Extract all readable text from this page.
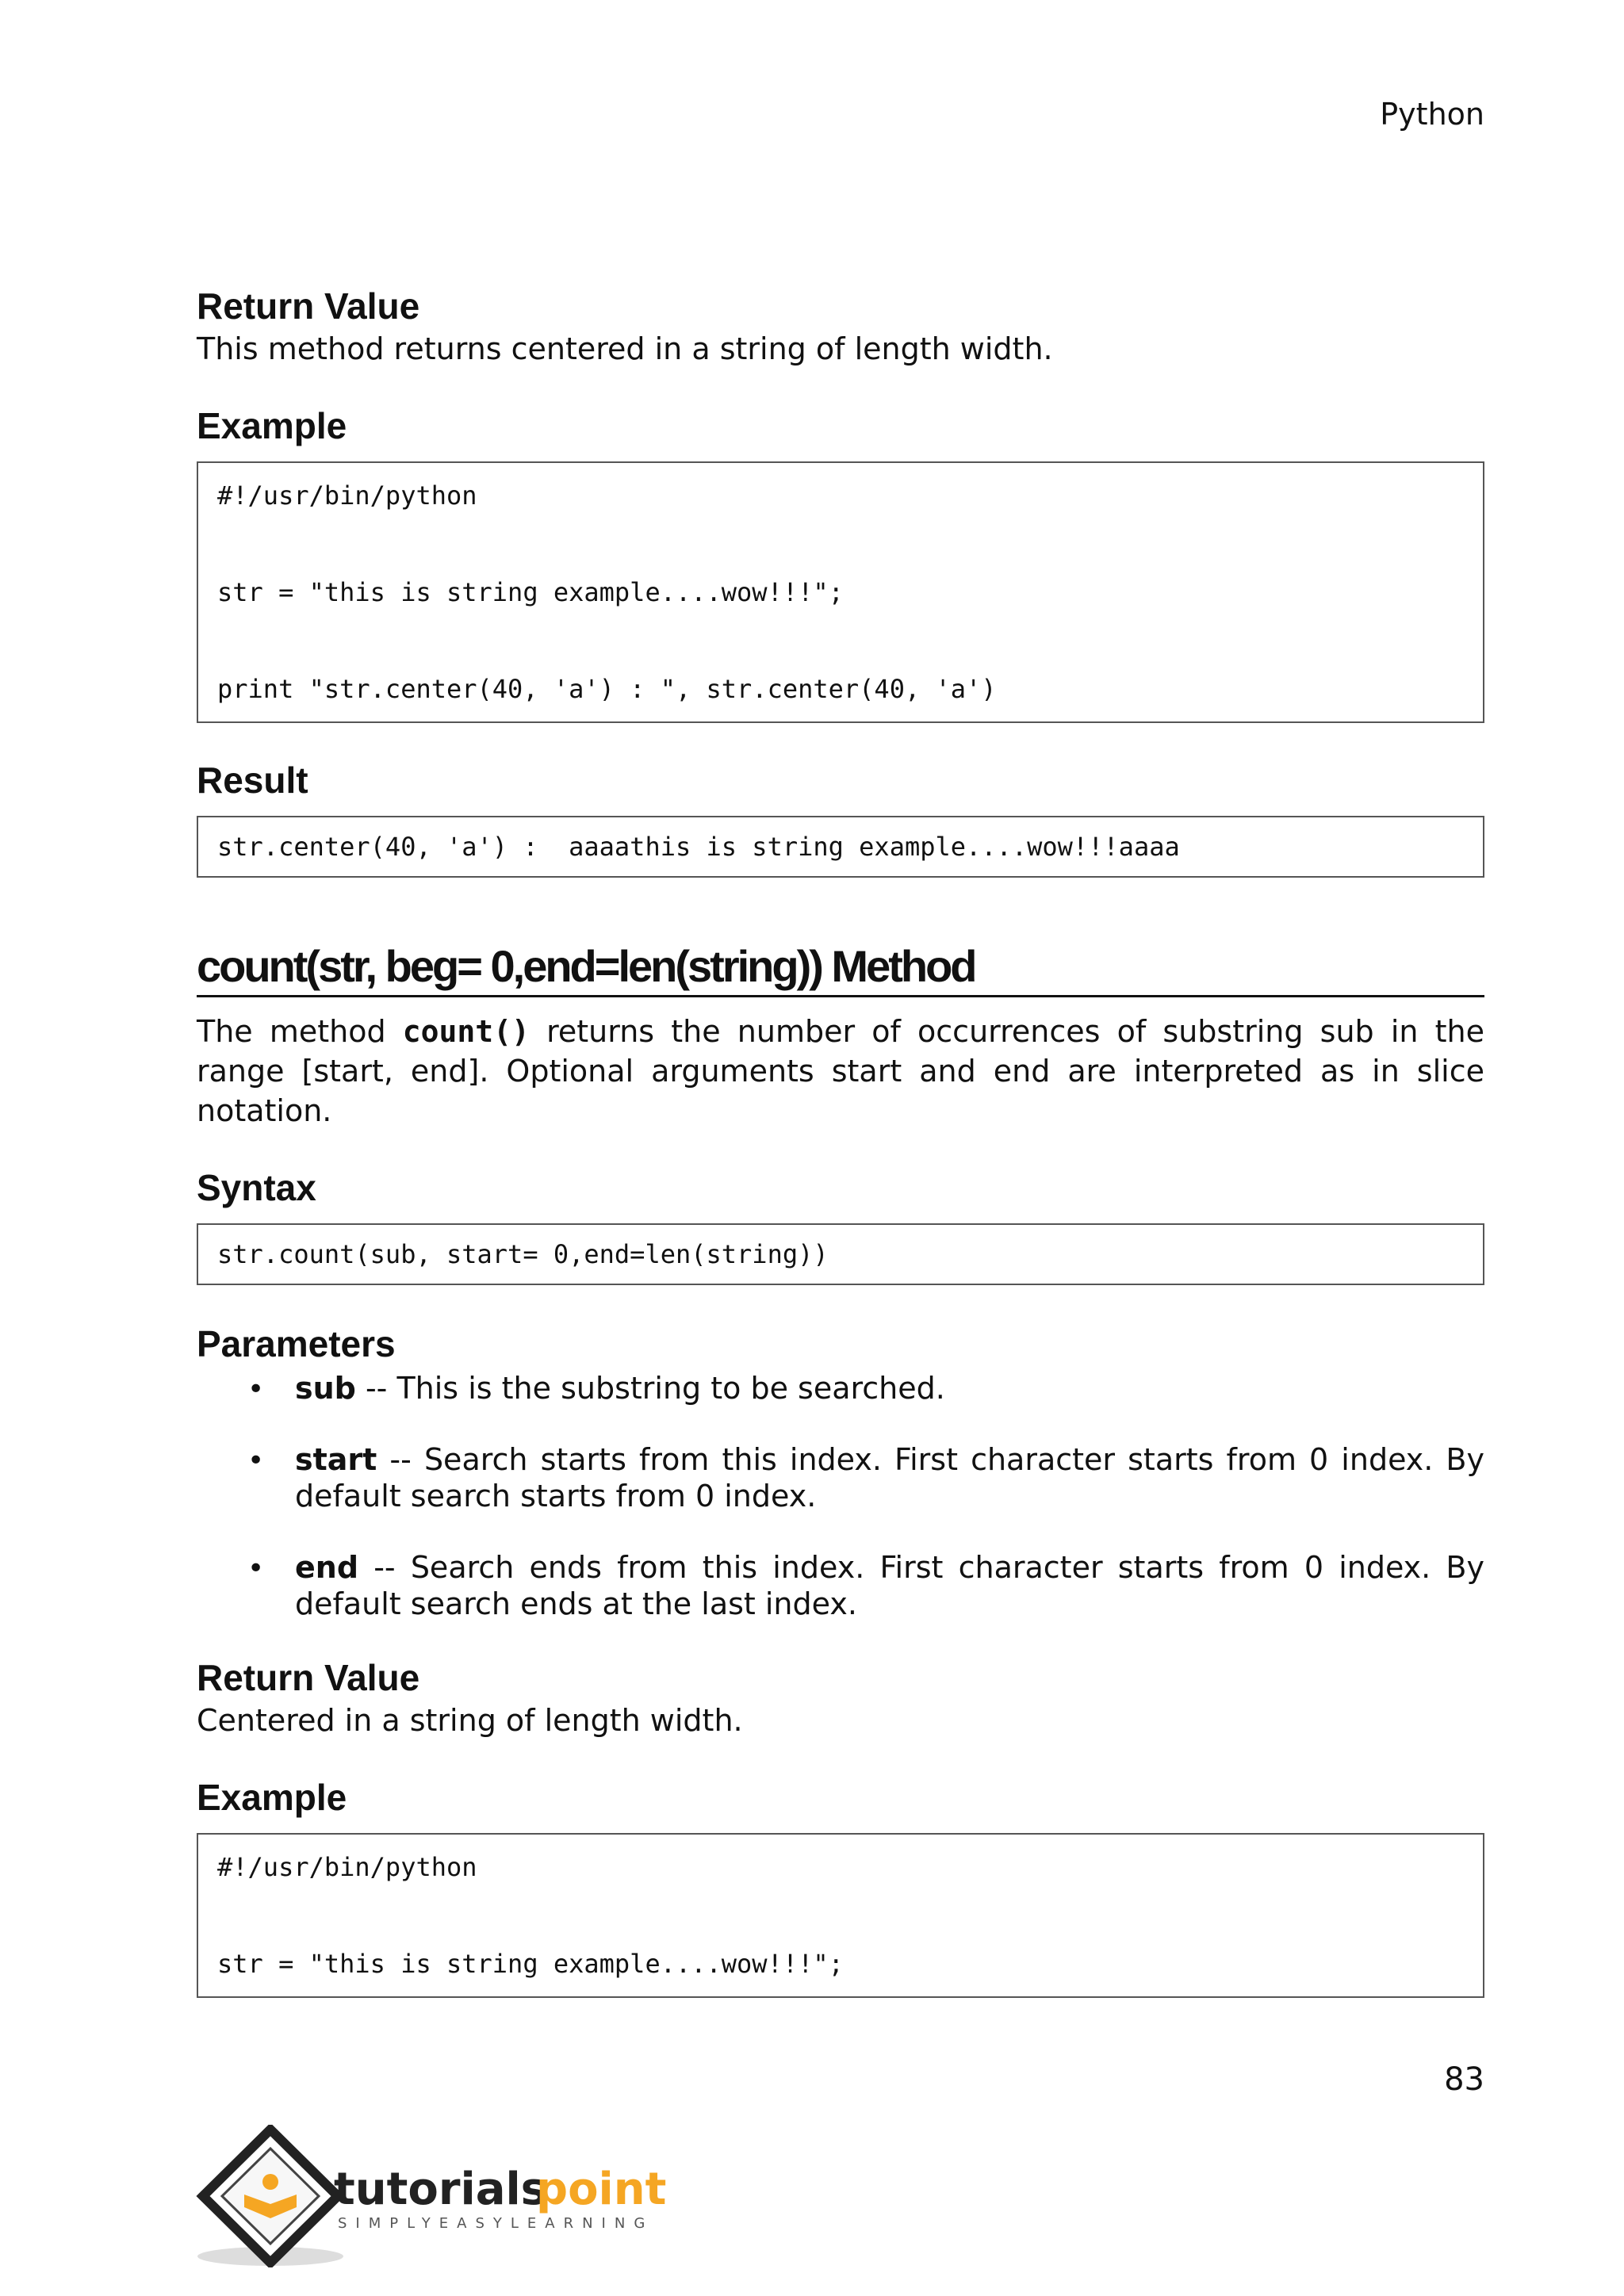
Python
Return Value

This method returns centered in a string of length width.

Example
#!/usr/bin/python
str = "this is string example....wow!!!";
print "str.center(40, 'a') : ", str.center(40, 'a')
Result
str.center(40, 'a') :  aaaathis is string example....wow!!!aaaa
count(str, beg= 0,end=len(string)) Method

The method count() returns the number of occurrences of substring sub in the range [start, end]. Optional arguments start and end are interpreted as in slice notation.

Syntax
str.count(sub, start= 0,end=len(string))
Parameters
• sub -- This is the substring to be searched.
• start -- Search starts from this index. First character starts from 0 index. By default search starts from 0 index.
• end -- Search ends from this index. First character starts from 0 index. By default search ends at the last index.
Return Value

Centered in a string of length width.

Example
#!/usr/bin/python
str = "this is string example....wow!!!";
83
tutorials
point
SIMPLYEASYLEARNING
